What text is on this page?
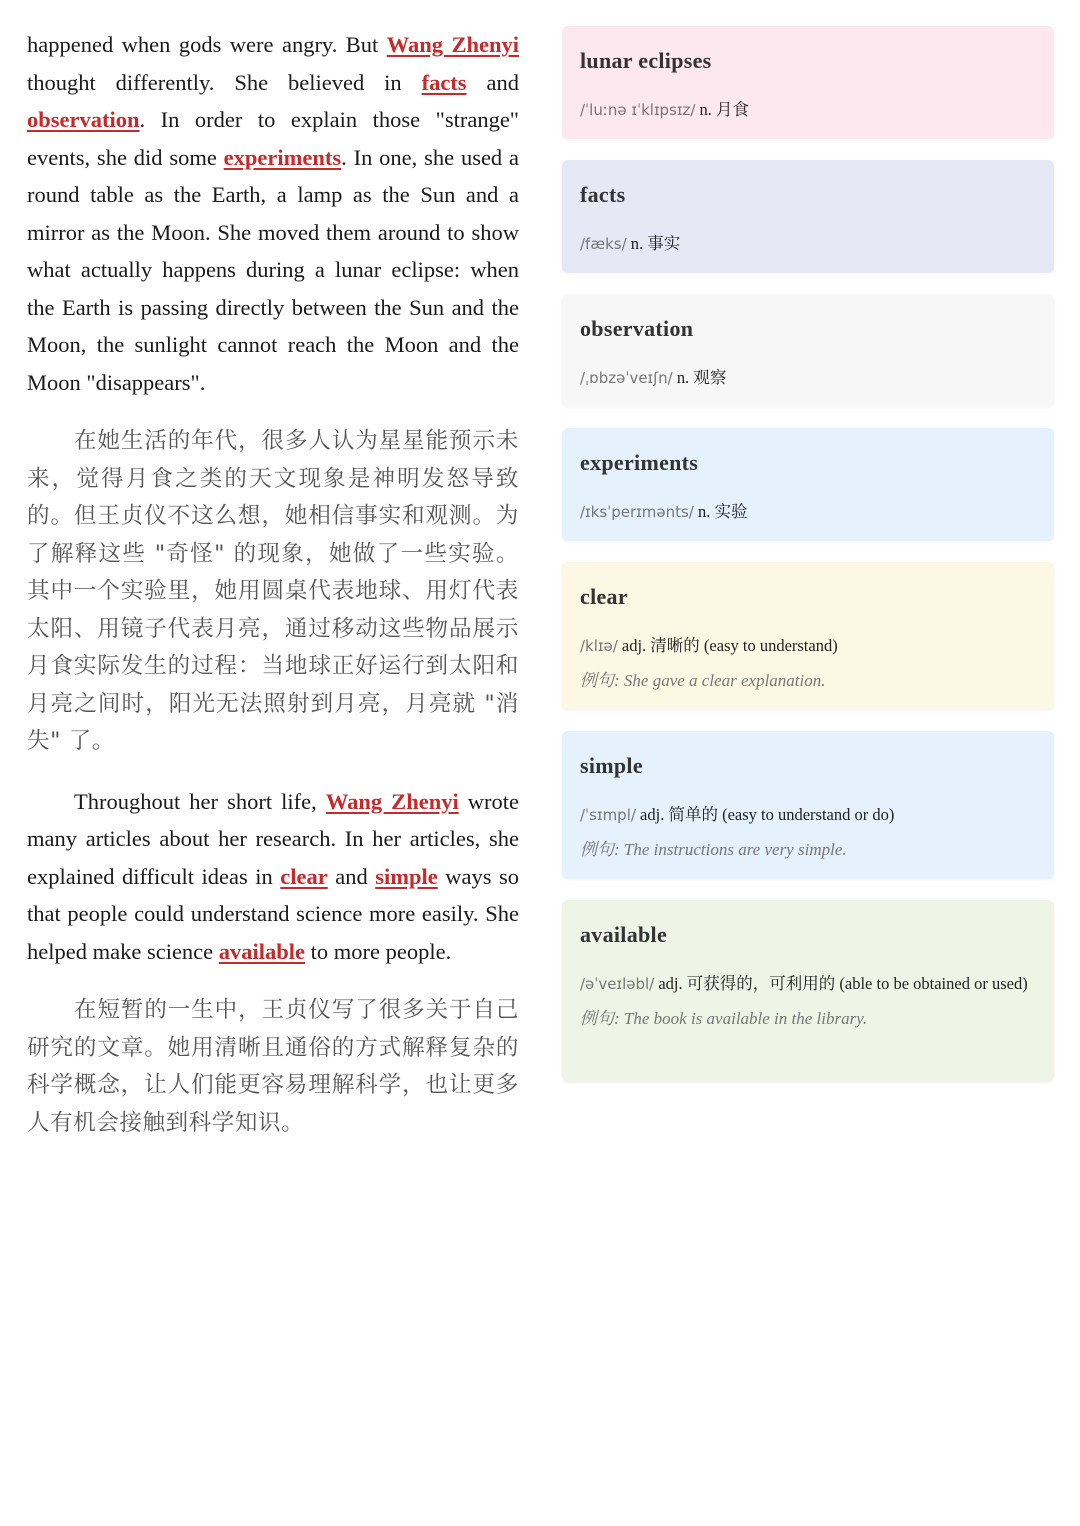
happened when gods were angry. But Wang Zhenyi thought differently. She believed in facts and observation. In order to explain those "strange" events, she did some experiments. In one, she used a round table as the Earth, a lamp as the Sun and a mirror as the Moon. She moved them around to show what actually happens during a lunar eclipse: when the Earth is passing directly between the Sun and the Moon, the sunlight cannot reach the Moon and the Moon "disappears".

在她生活的年代，很多人认为星星能预示未来，觉得月食之类的天文现象是神明发怒导致的。但王贞仪不这么想，她相信事实和观测。为了解释这些 "奇怪" 的现象，她做了一些实验。其中一个实验里，她用圆桌代表地球、用灯代表太阳、用镜子代表月亮，通过移动这些物品展示月食实际发生的过程：当地球正好运行到太阳和月亮之间时，阳光无法照射到月亮，月亮就 "消失" 了。

Throughout her short life, Wang Zhenyi wrote many articles about her research. In her articles, she explained difficult ideas in clear and simple ways so that people could understand science more easily. She helped make science available to more people.

在短暂的一生中，王贞仪写了很多关于自己研究的文章。她用清晰且通俗的方式解释复杂的科学概念，让人们能更容易理解科学，也让更多人有机会接触到科学知识。

lunar eclipses
/ˈluːnə ɪˈklɪpsɪz/ n. 月食
facts
/fæks/ n. 事实
observation
/ˌɒbzəˈveɪʃn/ n. 观察
experiments
/ɪksˈperɪmənts/ n. 实验
clear
/klɪə/ adj. 清晰的 (easy to understand)
例句: She gave a clear explanation.
simple
/ˈsɪmpl/ adj. 简单的 (easy to understand or do)
例句: The instructions are very simple.
available
/əˈveɪləbl/ adj. 可获得的，可利用的 (able to be obtained or used)
例句: The book is available in the library.
